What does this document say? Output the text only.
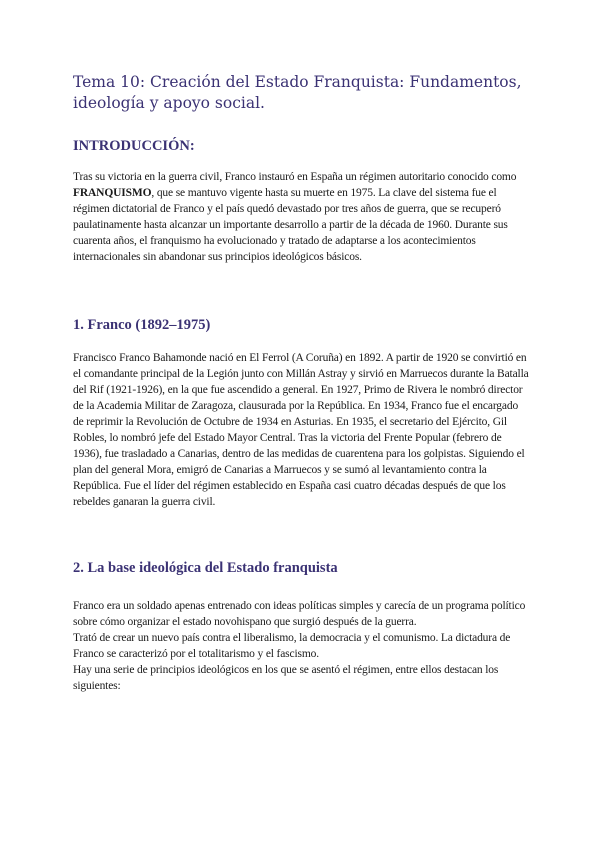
Tema 10: Creación del Estado Franquista: Fundamentos, ideología y apoyo social.
INTRODUCCIÓN:

Tras su victoria en la guerra civil, Franco instauró en España un régimen autoritario conocido como FRANQUISMO, que se mantuvo vigente hasta su muerte en 1975. La clave del sistema fue el régimen dictatorial de Franco y el país quedó devastado por tres años de guerra, que se recuperó paulatinamente hasta alcanzar un importante desarrollo a partir de la década de 1960. Durante sus cuarenta años, el franquismo ha evolucionado y tratado de adaptarse a los acontecimientos internacionales sin abandonar sus principios ideológicos básicos.

1. Franco (1892–1975)

Francisco Franco Bahamonde nació en El Ferrol (A Coruña) en 1892. A partir de 1920 se convirtió en el comandante principal de la Legión junto con Millán Astray y sirvió en Marruecos durante la Batalla del Rif (1921-1926), en la que fue ascendido a general. En 1927, Primo de Rivera le nombró director de la Academia Militar de Zaragoza, clausurada por la República. En 1934, Franco fue el encargado de reprimir la Revolución de Octubre de 1934 en Asturias. En 1935, el secretario del Ejército, Gil Robles, lo nombró jefe del Estado Mayor Central. Tras la victoria del Frente Popular (febrero de 1936), fue trasladado a Canarias, dentro de las medidas de cuarentena para los golpistas. Siguiendo el plan del general Mora, emigró de Canarias a Marruecos y se sumó al levantamiento contra la República. Fue el líder del régimen establecido en España casi cuatro décadas después de que los rebeldes ganaran la guerra civil.

2. La base ideológica del Estado franquista

Franco era un soldado apenas entrenado con ideas políticas simples y carecía de un programa político sobre cómo organizar el estado novohispano que surgió después de la guerra.

Trató de crear un nuevo país contra el liberalismo, la democracia y el comunismo. La dictadura de Franco se caracterizó por el totalitarismo y el fascismo.

Hay una serie de principios ideológicos en los que se asentó el régimen, entre ellos destacan los siguientes:
